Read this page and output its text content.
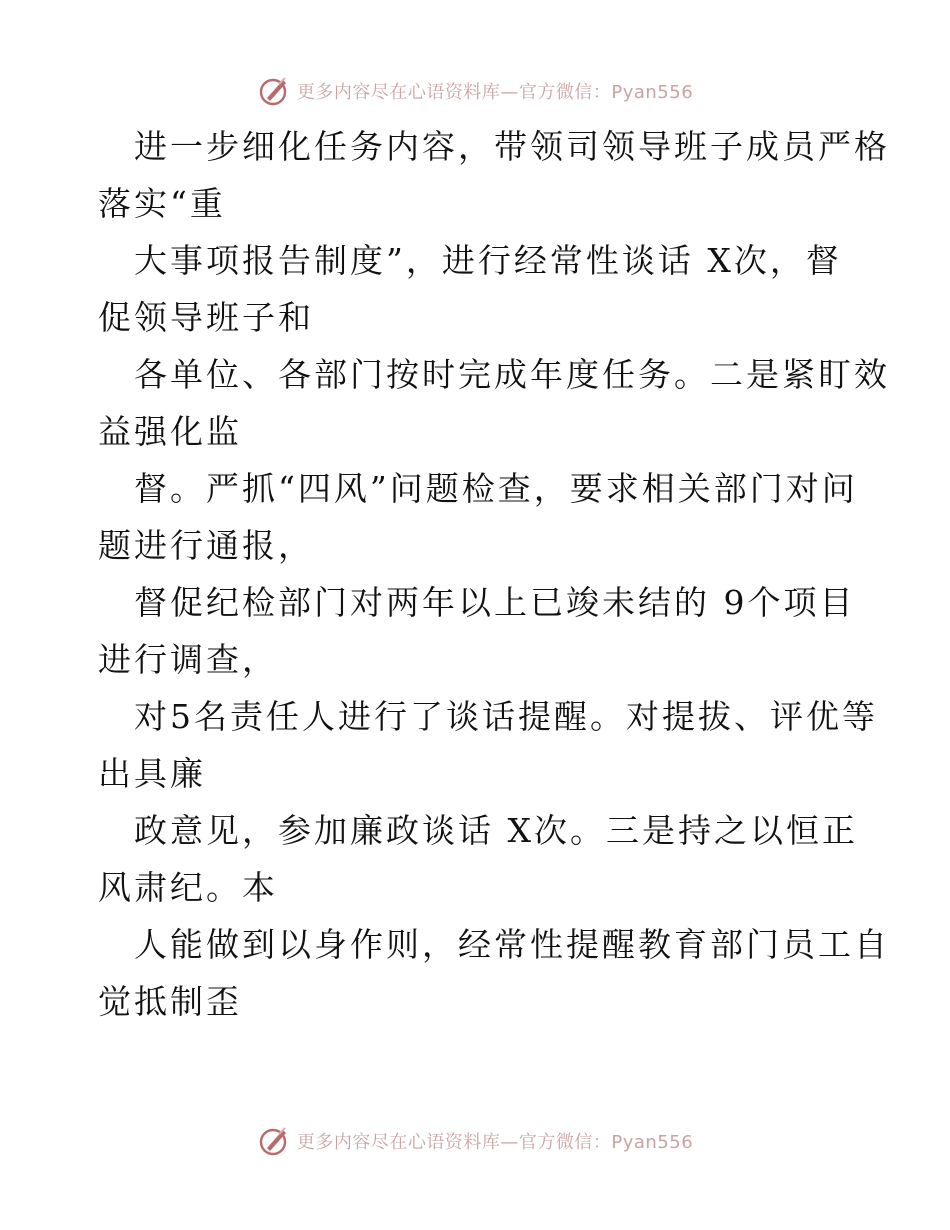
更多内容尽在心语资料库—官方微信：Pyan556
进一步细化任务内容，带领司领导班子成员严格
落实“重
大事项报告制度”，进行经常性谈话 X次，督
促领导班子和
各单位、各部门按时完成年度任务。二是紧盯效
益强化监
督。严抓“四风”问题检查，要求相关部门对问
题进行通报，
督促纪检部门对两年以上已竣未结的 9个项目
进行调查，
对5名责任人进行了谈话提醒。对提拔、评优等
出具廉
政意见，参加廉政谈话 X次。三是持之以恒正
风肃纪。本
人能做到以身作则，经常性提醒教育部门员工自
觉抵制歪
更多内容尽在心语资料库—官方微信：Pyan556
